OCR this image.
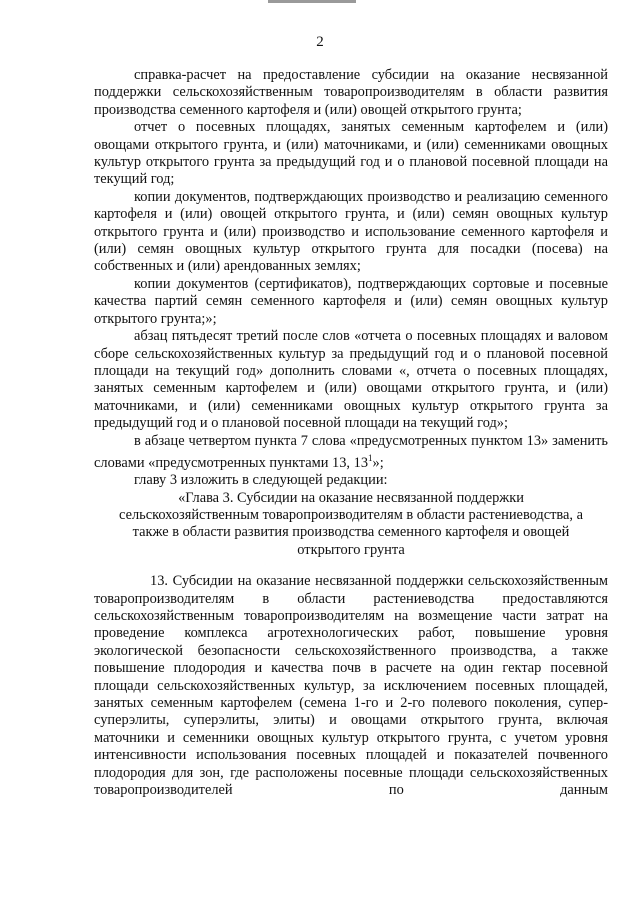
2

справка-расчет на предоставление субсидии на оказание несвязанной поддержки сельскохозяйственным товаропроизводителям в области развития производства семенного картофеля и (или) овощей открытого грунта;

отчет о посевных площадях, занятых семенным картофелем и (или) овощами открытого грунта, и (или) маточниками, и (или) семенниками овощных культур открытого грунта за предыдущий год и о плановой посевной площади на текущий год;

копии документов, подтверждающих производство и реализацию семенного картофеля и (или) овощей открытого грунта, и (или) семян овощных культур открытого грунта и (или) производство и использование семенного картофеля и (или) семян овощных культур открытого грунта для посадки (посева) на собственных и (или) арендованных землях;

копии документов (сертификатов), подтверждающих сортовые и посевные качества партий семян семенного картофеля и (или) семян овощных культур открытого грунта;»;

абзац пятьдесят третий после слов «отчета о посевных площадях и валовом сборе сельскохозяйственных культур за предыдущий год и о плановой посевной площади на текущий год» дополнить словами «, отчета о посевных площадях, занятых семенным картофелем и (или) овощами открытого грунта, и (или) маточниками, и (или) семенниками овощных культур открытого грунта за предыдущий год и о плановой посевной площади на текущий год»;

в абзаце четвертом пункта 7 слова «предусмотренных пунктом 13» заменить словами «предусмотренных пунктами 13, $13^1$»;

главу 3 изложить в следующей редакции:

«Глава 3. Субсидии на оказание несвязанной поддержки

сельскохозяйственным товаропроизводителям в области растениеводства, а

также в области развития производства семенного картофеля и овощей

открытого грунта

13. Субсидии на оказание несвязанной поддержки сельскохозяйственным товаропроизводителям в области растениеводства предоставляются сельскохозяйственным товаропроизводителям на возмещение части затрат на проведение комплекса агротехнологических работ, повышение уровня экологической безопасности сельскохозяйственного производства, а также повышение плодородия и качества почв в расчете на один гектар посевной площади сельскохозяйственных культур, за исключением посевных площадей, занятых семенным картофелем (семена 1-го и 2-го полевого поколения, супер-суперэлиты, суперэлиты, элиты) и овощами открытого грунта, включая маточники и семенники овощных культур открытого грунта, с учетом уровня интенсивности использования посевных площадей и показателей почвенного плодородия для зон, где расположены посевные площади сельскохозяйственных товаропроизводителей по данным
